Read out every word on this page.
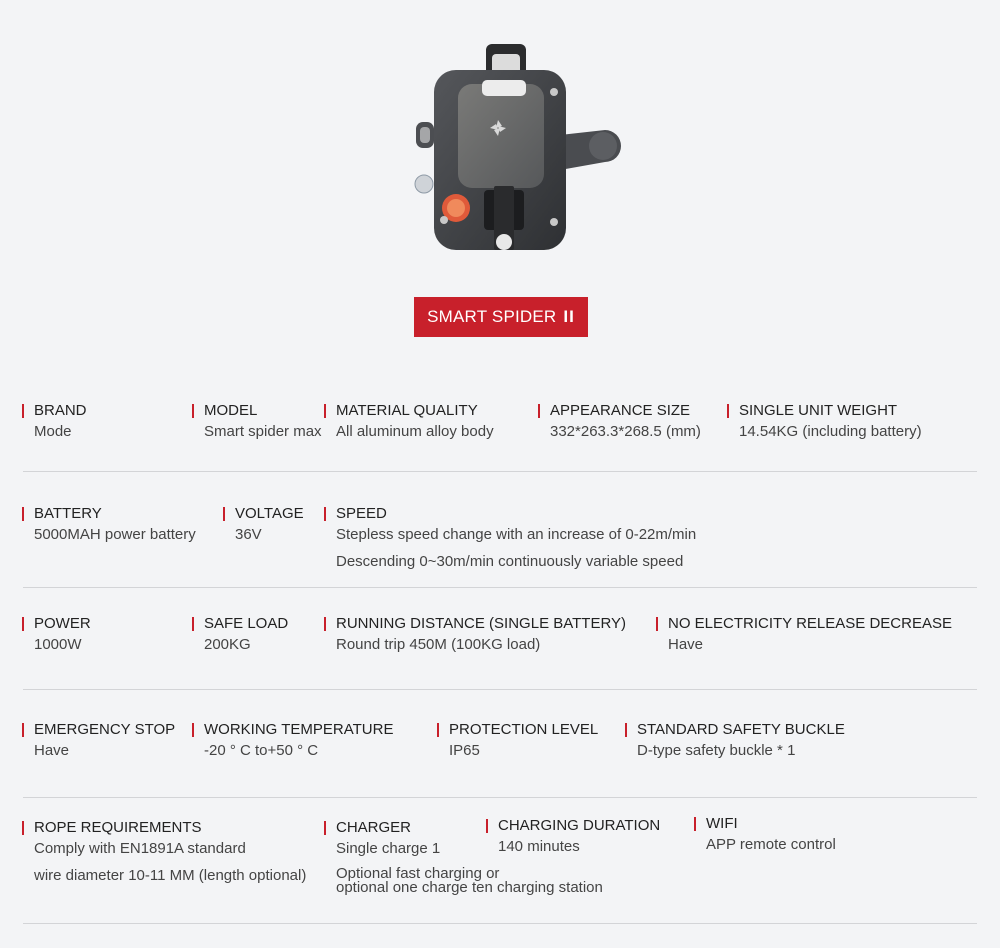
SMART SPIDER II
BRAND
Mode
MODEL
Smart spider max
MATERIAL QUALITY
All aluminum alloy body
APPEARANCE SIZE
332*263.3*268.5 (mm)
SINGLE UNIT WEIGHT
14.54KG (including battery)
BATTERY
5000MAH power battery
VOLTAGE
36V
SPEED
Stepless speed change with an increase of 0-22m/min
Descending 0~30m/min continuously variable speed
POWER
1000W
SAFE LOAD
200KG
RUNNING DISTANCE (SINGLE BATTERY)
Round trip 450M (100KG load)
NO ELECTRICITY RELEASE DECREASE
Have
EMERGENCY STOP
Have
WORKING TEMPERATURE
-20 ° C to+50 ° C
PROTECTION LEVEL
IP65
STANDARD SAFETY BUCKLE
D-type safety buckle * 1
ROPE REQUIREMENTS
Comply with EN1891A standard
wire diameter 10-11 MM (length optional)
CHARGER
Single charge 1
Optional fast charging or
optional one charge ten charging station
CHARGING DURATION
140 minutes
WIFI
APP remote control
